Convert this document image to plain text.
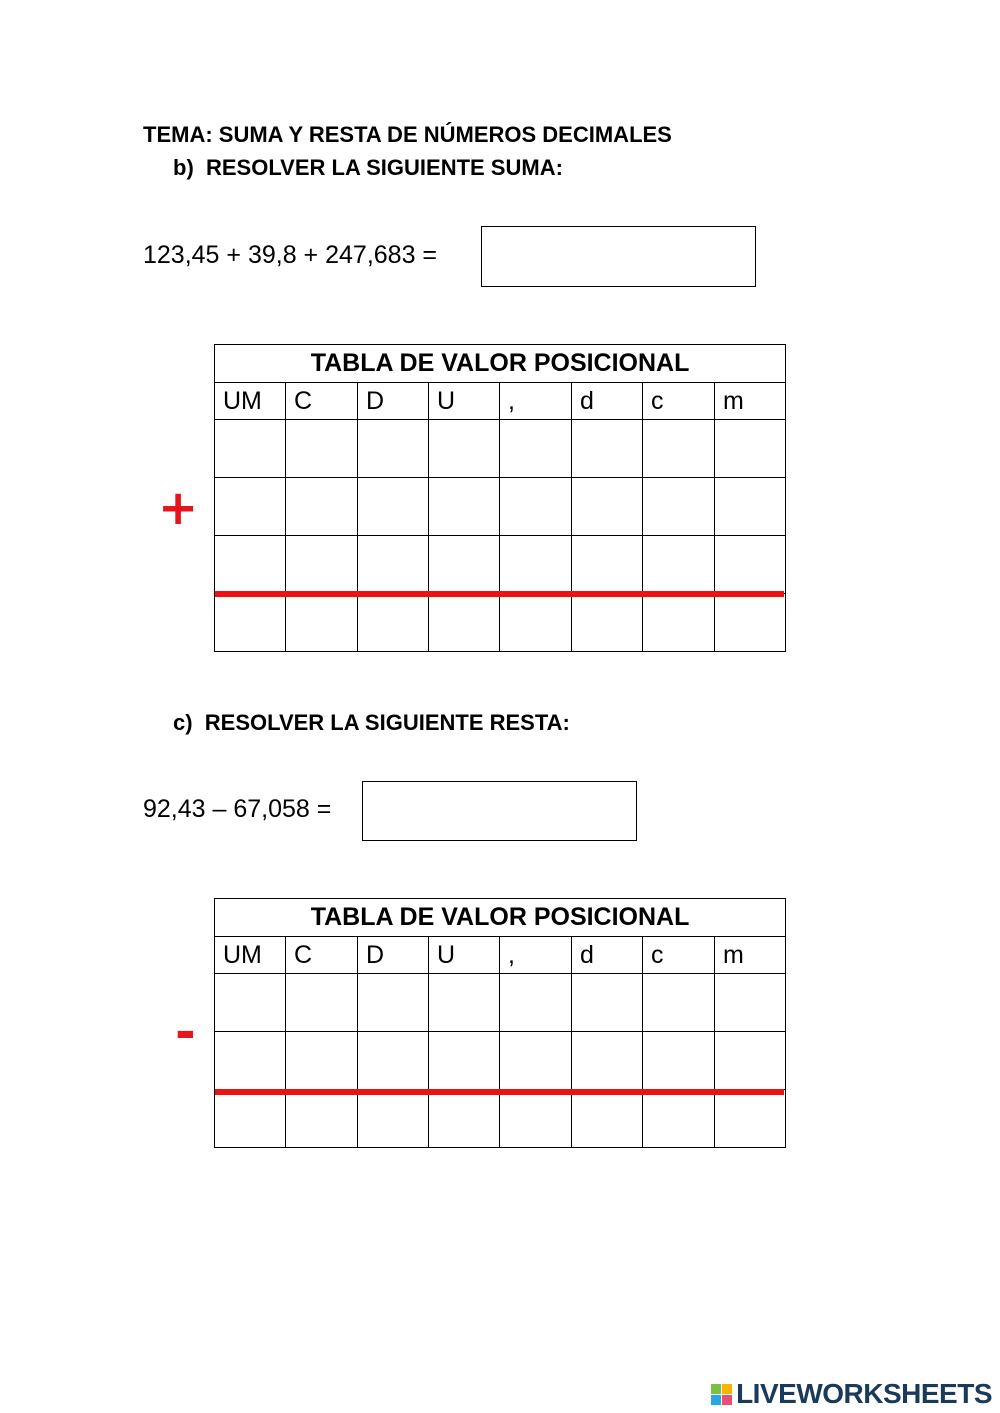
TEMA: SUMA Y RESTA DE NÚMEROS DECIMALES
b) RESOLVER LA SIGUIENTE SUMA:
123,45 + 39,8 + 247,683 =
+
TABLA DE VALOR POSICIONAL							
UM	C	D	U	,	d	c	m

c) RESOLVER LA SIGUIENTE RESTA:
92,43 – 67,058 =
-
TABLA DE VALOR POSICIONAL							
UM	C	D	U	,	d	c	m

LIVEWORKSHEETS
